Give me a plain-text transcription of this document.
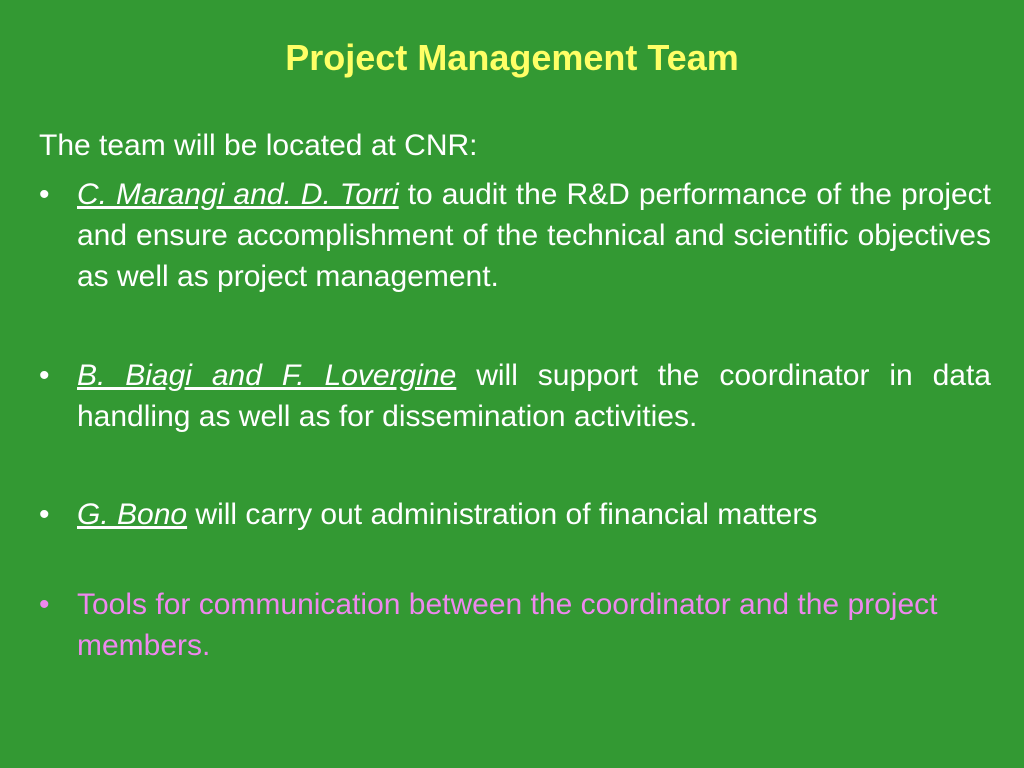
Project Management Team
The team will be located at CNR:
• C. Marangi and. D. Torri to audit the R&D performance of the project and ensure accomplishment of the technical and scientific objectives as well as project management.
• B. Biagi and F. Lovergine will support the coordinator in data handling as well as for dissemination activities.
• G. Bono will carry out administration of financial matters
• Tools for communication between the coordinator and the project members.
